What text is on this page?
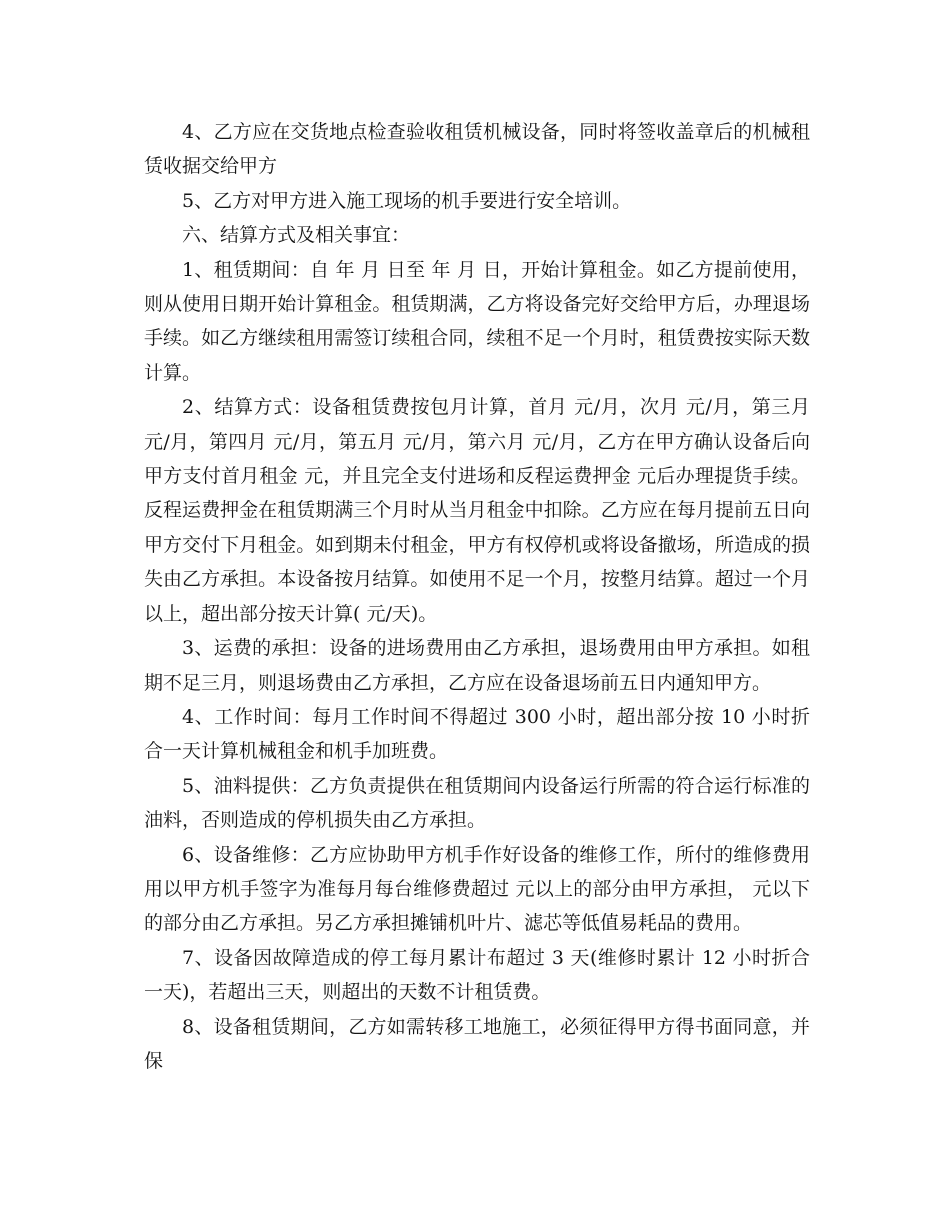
4、乙方应在交货地点检查验收租赁机械设备，同时将签收盖章后的机械租赁收据交给甲方

5、乙方对甲方进入施工现场的机手要进行安全培训。

六、结算方式及相关事宜：

1、租赁期间：自 年 月 日至 年 月 日，开始计算租金。如乙方提前使用，则从使用日期开始计算租金。租赁期满，乙方将设备完好交给甲方后，办理退场手续。如乙方继续租用需签订续租合同，续租不足一个月时，租赁费按实际天数计算。

2、结算方式：设备租赁费按包月计算，首月 元/月，次月 元/月，第三月 元/月，第四月 元/月，第五月 元/月，第六月 元/月，乙方在甲方确认设备后向甲方支付首月租金 元，并且完全支付进场和反程运费押金 元后办理提货手续。反程运费押金在租赁期满三个月时从当月租金中扣除。乙方应在每月提前五日向甲方交付下月租金。如到期未付租金，甲方有权停机或将设备撤场，所造成的损失由乙方承担。本设备按月结算。如使用不足一个月，按整月结算。超过一个月以上，超出部分按天计算( 元/天)。

3、运费的承担：设备的进场费用由乙方承担，退场费用由甲方承担。如租期不足三月，则退场费由乙方承担，乙方应在设备退场前五日内通知甲方。

4、工作时间：每月工作时间不得超过 300 小时，超出部分按 10 小时折合一天计算机械租金和机手加班费。

5、油料提供：乙方负责提供在租赁期间内设备运行所需的符合运行标准的油料，否则造成的停机损失由乙方承担。

6、设备维修：乙方应协助甲方机手作好设备的维修工作，所付的维修费用用以甲方机手签字为准每月每台维修费超过 元以上的部分由甲方承担， 元以下的部分由乙方承担。另乙方承担摊铺机叶片、滤芯等低值易耗品的费用。

7、设备因故障造成的停工每月累计布超过 3 天(维修时累计 12 小时折合一天)，若超出三天，则超出的天数不计租赁费。

8、设备租赁期间，乙方如需转移工地施工，必须征得甲方得书面同意，并保
